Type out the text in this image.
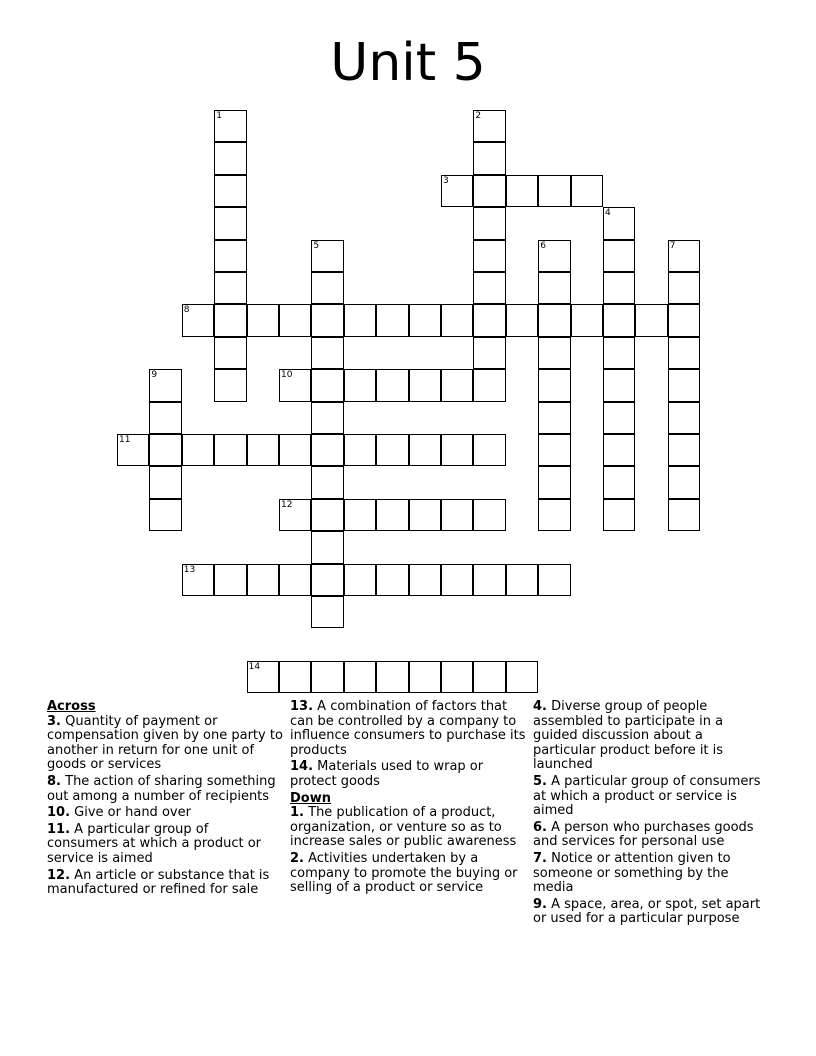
Unit 5
1	2
3
4
5	6	7
8
9	10
11
12
13
14
Across
3. Quantity of payment or compensation given by one party to another in return for one unit of goods or services
8. The action of sharing something out among a number of recipients
10. Give or hand over
11. A particular group of consumers at which a product or service is aimed
12. An article or substance that is manufactured or refined for sale
13. A combination of factors that can be controlled by a company to influence consumers to purchase its products
14. Materials used to wrap or protect goods
Down
1. The publication of a product, organization, or venture so as to increase sales or public awareness
2. Activities undertaken by a company to promote the buying or selling of a product or service
4. Diverse group of people assembled to participate in a guided discussion about a particular product before it is launched
5. A particular group of consumers at which a product or service is aimed
6. A person who purchases goods and services for personal use
7. Notice or attention given to someone or something by the media
9. A space, area, or spot, set apart or used for a particular purpose
